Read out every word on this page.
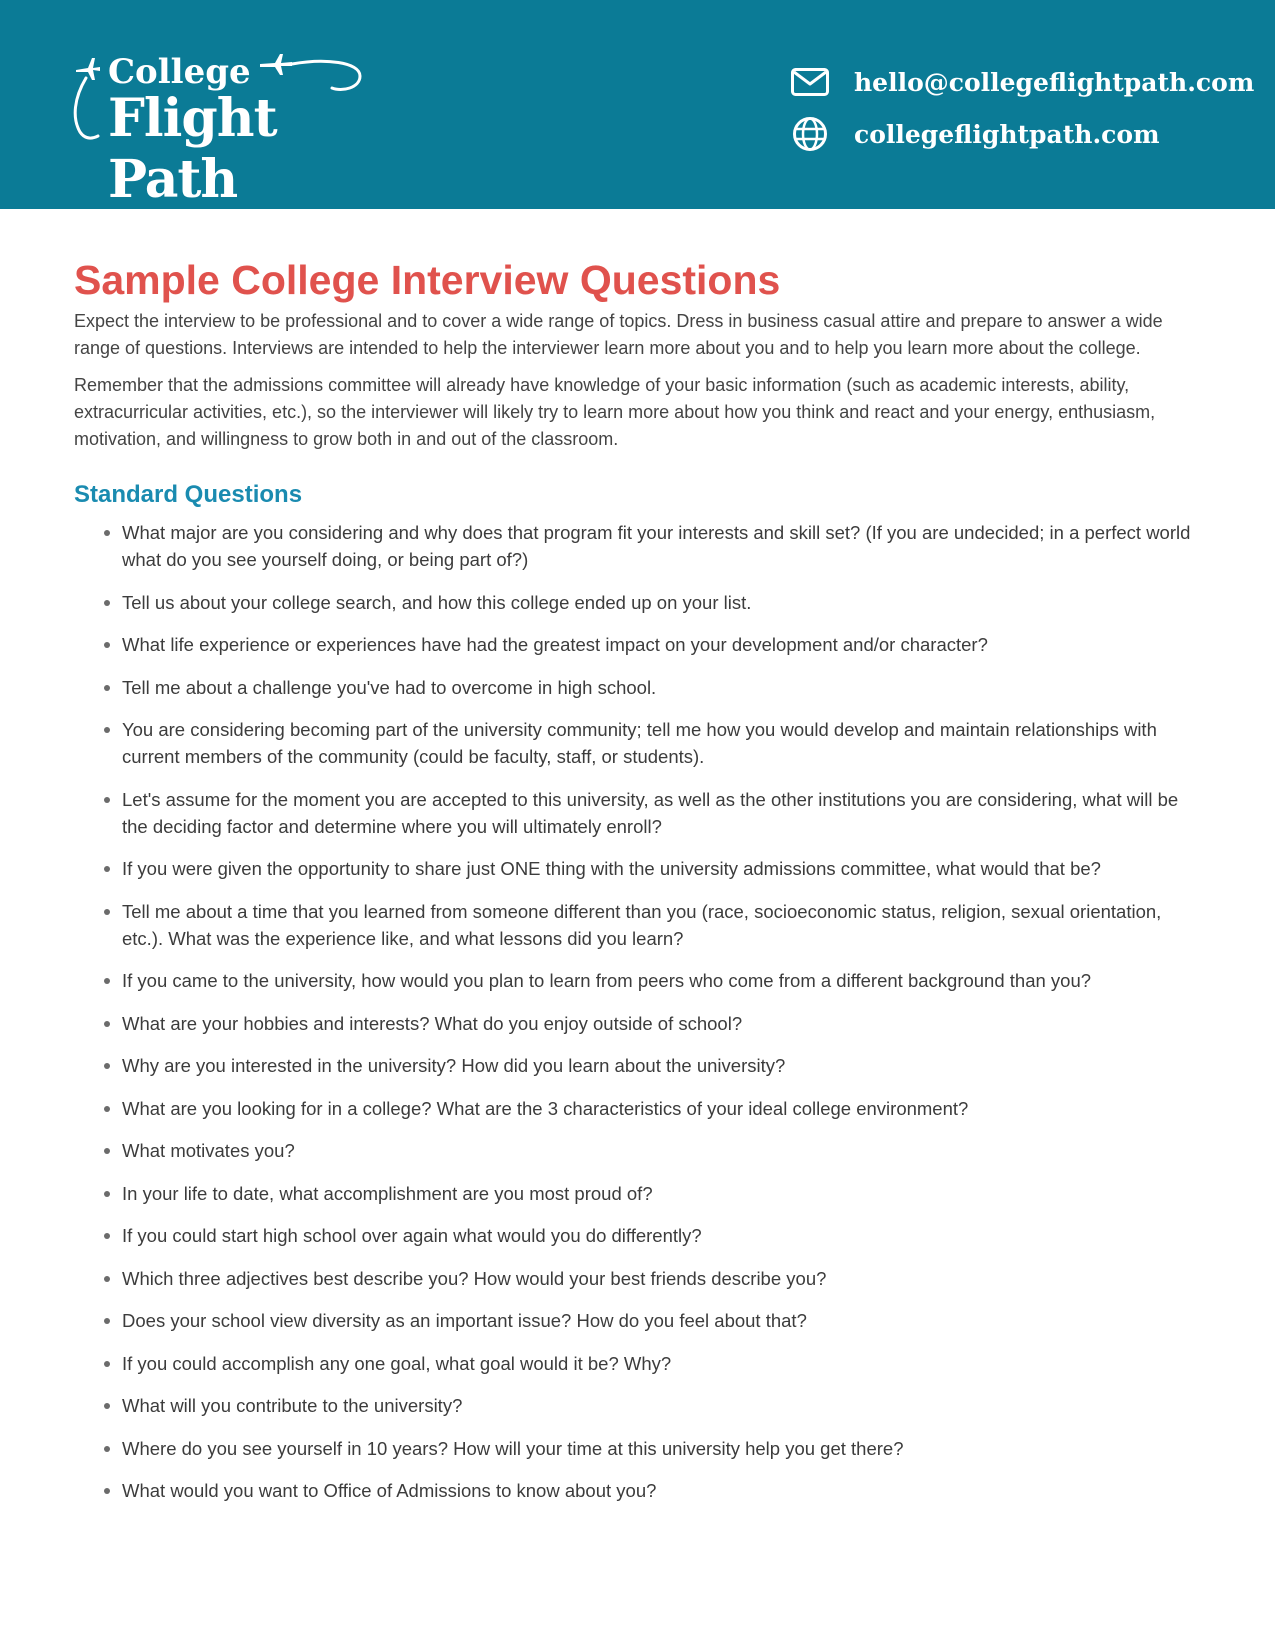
College
Flight Path
hello@collegeflightpath.com
collegeflightpath.com
Sample College Interview Questions

Expect the interview to be professional and to cover a wide range of topics. Dress in business casual attire and prepare to answer a wide range of questions. Interviews are intended to help the interviewer learn more about you and to help you learn more about the college.

Remember that the admissions committee will already have knowledge of your basic information (such as academic interests, ability, extracurricular activities, etc.), so the interviewer will likely try to learn more about how you think and react and your energy, enthusiasm, motivation, and willingness to grow both in and out of the classroom.

Standard Questions
What major are you considering and why does that program fit your interests and skill set? (If you are undecided; in a perfect world what do you see yourself doing, or being part of?)
Tell us about your college search, and how this college ended up on your list.
What life experience or experiences have had the greatest impact on your development and/or character?
Tell me about a challenge you've had to overcome in high school.
You are considering becoming part of the university community; tell me how you would develop and maintain relationships with current members of the community (could be faculty, staff, or students).
Let's assume for the moment you are accepted to this university, as well as the other institutions you are considering, what will be the deciding factor and determine where you will ultimately enroll?
If you were given the opportunity to share just ONE thing with the university admissions committee, what would that be?
Tell me about a time that you learned from someone different than you (race, socioeconomic status, religion, sexual orientation, etc.). What was the experience like, and what lessons did you learn?
If you came to the university, how would you plan to learn from peers who come from a different background than you?
What are your hobbies and interests? What do you enjoy outside of school?
Why are you interested in the university? How did you learn about the university?
What are you looking for in a college? What are the 3 characteristics of your ideal college environment?
What motivates you?
In your life to date, what accomplishment are you most proud of?
If you could start high school over again what would you do differently?
Which three adjectives best describe you? How would your best friends describe you?
Does your school view diversity as an important issue? How do you feel about that?
If you could accomplish any one goal, what goal would it be? Why?
What will you contribute to the university?
Where do you see yourself in 10 years? How will your time at this university help you get there?
What would you want to Office of Admissions to know about you?
